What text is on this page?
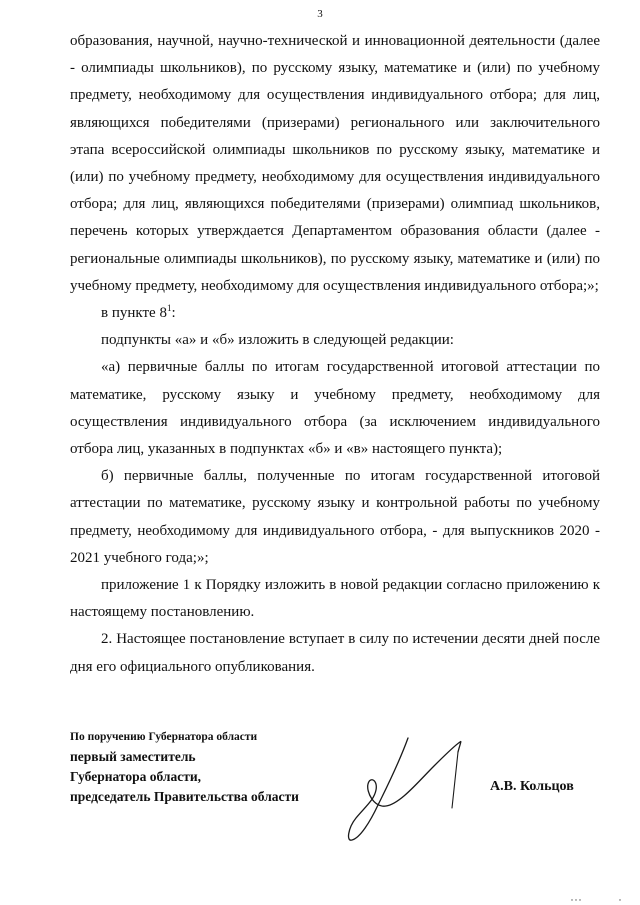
3

образования, научной, научно-технической и инновационной деятельности (далее - олимпиады школьников), по русскому языку, математике и (или) по учебному предмету, необходимому для осуществления индивидуального отбора; для лиц, являющихся победителями (призерами) регионального или заключительного этапа всероссийской олимпиады школьников по русскому языку, математике и (или) по учебному предмету, необходимому для осуществления индивидуального отбора; для лиц, являющихся победителями (призерами) олимпиад школьников, перечень которых утверждается Департаментом образования области (далее - региональные олимпиады школьников), по русскому языку, математике и (или) по учебному предмету, необходимому для осуществления индивидуального отбора;»;

в пункте $8^1$:

подпункты «а» и «б» изложить в следующей редакции:

«а) первичные баллы по итогам государственной итоговой аттестации по математике, русскому языку и учебному предмету, необходимому для осуществления индивидуального отбора (за исключением индивидуального отбора лиц, указанных в подпунктах «б» и «в» настоящего пункта);

б) первичные баллы, полученные по итогам государственной итоговой аттестации по математике, русскому языку и контрольной работы по учебному предмету, необходимому для индивидуального отбора, - для выпускников 2020 - 2021 учебного года;»;

приложение 1 к Порядку изложить в новой редакции согласно приложению к настоящему постановлению.

2. Настоящее постановление вступает в силу по истечении десяти дней после дня его официального опубликования.

По поручению Губернатора области
первый заместитель
Губернатора области,
председатель Правительства области
А.В. Кольцов
